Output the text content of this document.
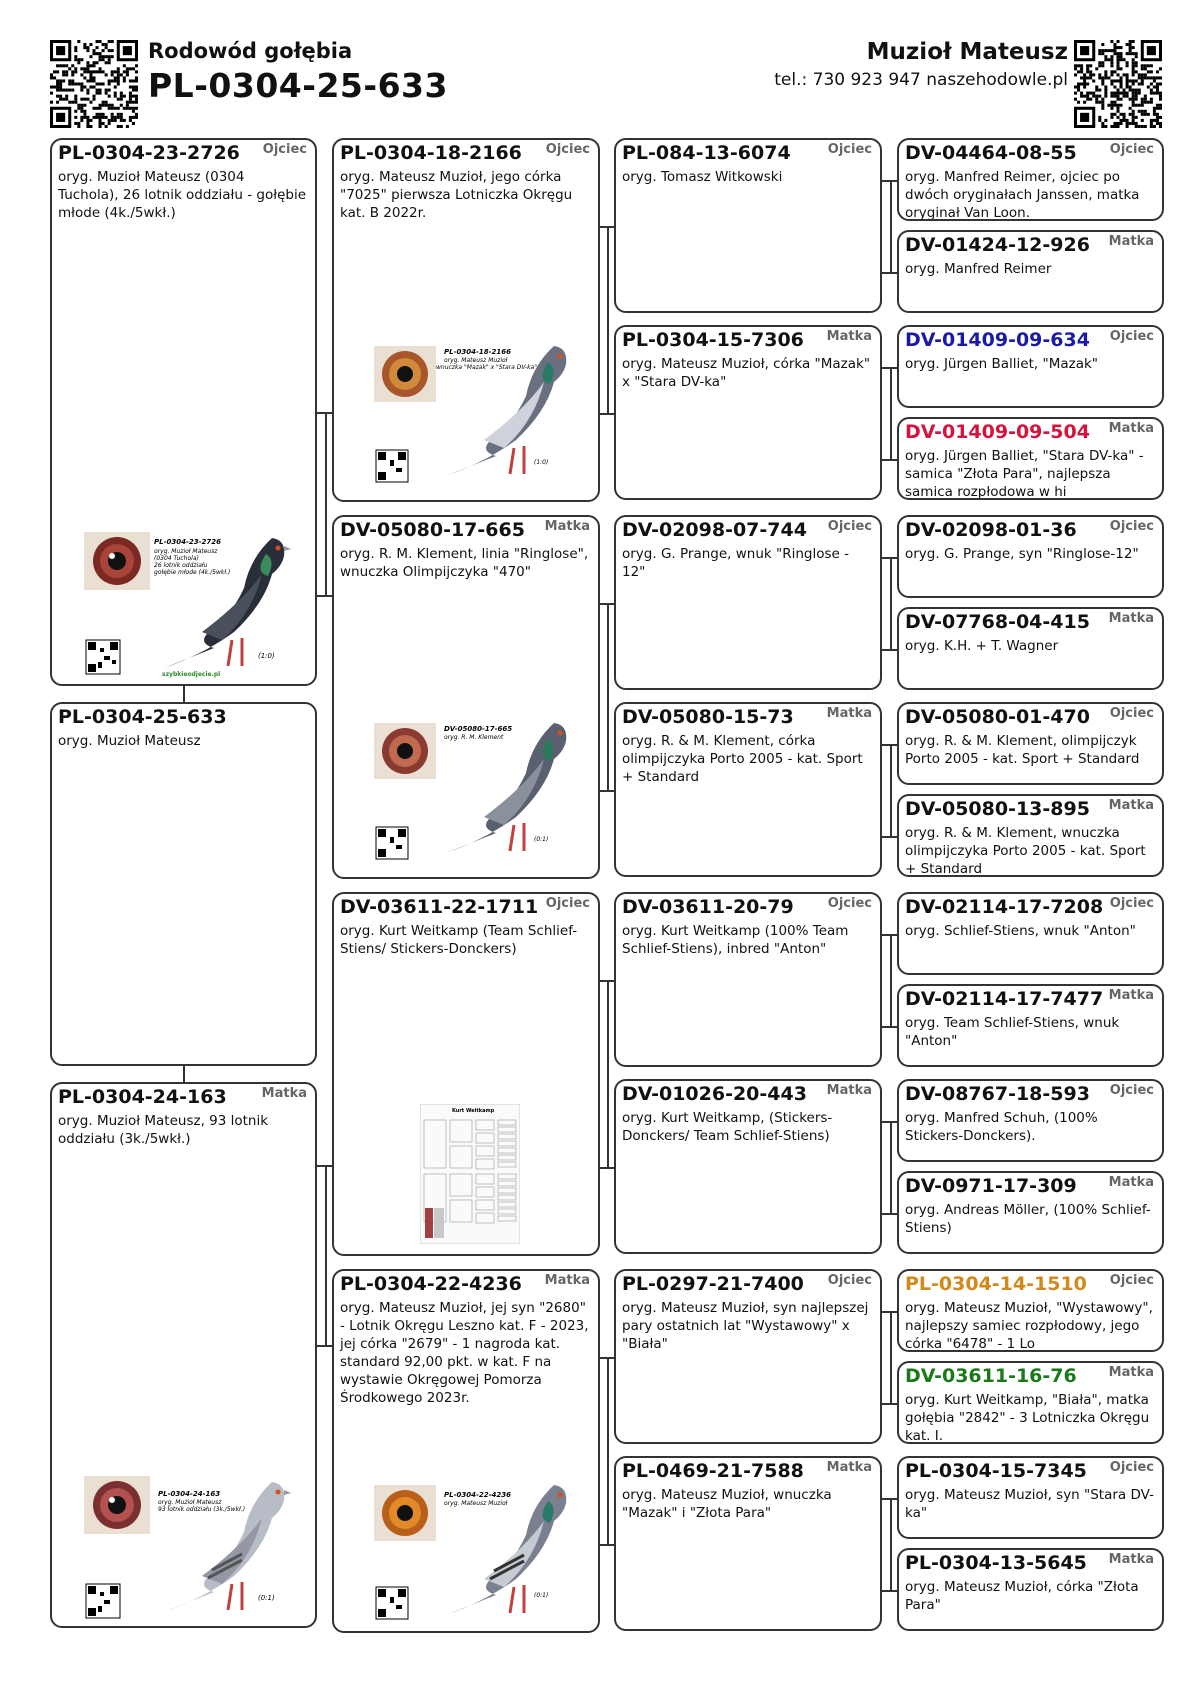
Rodowód gołębia
PL-0304-25-633
Muzioł Mateusz
tel.: 730 923 947 naszehodowle.pl
PL-0304-23-2726 Ojciec
oryg. Muzioł Mateusz (0304 Tuchola), 26 lotnik oddziału - gołębie młode (4k./5wkł.)
PL-0304-23-2726
oryg. Muzioł Mateusz
(0304 Tuchola)
26 lotnik oddziału
gołębie młode (4k./5wkł.)
(1:0)
szybkieodjecie.pl
PL-0304-25-633
oryg. Muzioł Mateusz
PL-0304-24-163	Matka
oryg. Muzioł Mateusz, 93 lotnik oddziału (3k./5wkł.)
PL-0304-24-163
oryg. Muzioł Mateusz
93 lotnik oddziału (3k./5wkł.)
(0:1)
PL-0304-18-2166 Ojciec
oryg. Mateusz Muzioł, jego córka "7025" pierwsza Lotniczka Okręgu kat. B 2022r.
PL-0304-18-2166
oryg. Mateusz Muzioł
wnuczka "Mazak" x "Stara DV-ka"
(1:0)
DV-05080-17-665 Matka
oryg. R. M. Klement, linia "Ringlose", wnuczka Olimpijczyka "470"
DV-05080-17-665
oryg. R. M. Klement
(0:1)
DV-03611-22-1711 Ojciec
oryg. Kurt Weitkamp (Team Schlief-Stiens/ Stickers-Donckers)
Kurt Weitkamp
PL-0304-22-4236 Matka
oryg. Mateusz Muzioł, jej syn "2680" - Lotnik Okręgu Leszno kat. F - 2023, jej córka "2679" - 1 nagroda kat. standard 92,00 pkt. w kat. F na wystawie Okręgowej Pomorza Środkowego 2023r.
PL-0304-22-4236
oryg. Mateusz Muzioł
(0:1)
PL-084-13-6074	Ojciec
oryg. Tomasz Witkowski
PL-0304-15-7306 Matka
oryg. Mateusz Muzioł, córka "Mazak" x "Stara DV-ka"
DV-02098-07-744 Ojciec
oryg. G. Prange, wnuk "Ringlose - 12"
DV-05080-15-73	Matka
oryg. R. & M. Klement, córka olimpijczyka Porto 2005 - kat. Sport + Standard
DV-03611-20-79	Ojciec
oryg. Kurt Weitkamp (100% Team Schlief-Stiens), inbred "Anton"
DV-01026-20-443 Matka
oryg. Kurt Weitkamp, (Stickers-Donckers/ Team Schlief-Stiens)
PL-0297-21-7400 Ojciec
oryg. Mateusz Muzioł, syn najlepszej pary ostatnich lat "Wystawowy" x "Biała"
PL-0469-21-7588 Matka
oryg. Mateusz Muzioł, wnuczka "Mazak" i "Złota Para"
DV-04464-08-55	Ojciec
oryg. Manfred Reimer, ojciec po dwóch oryginałach Janssen, matka oryginał Van Loon.
DV-01424-12-926 Matka
oryg. Manfred Reimer
DV-01409-09-634 Ojciec
oryg. Jürgen Balliet, "Mazak"
DV-01409-09-504 Matka
oryg. Jürgen Balliet, "Stara DV-ka" - samica "Złota Para", najlepsza samica rozpłodowa w hi
DV-02098-01-36	Ojciec
oryg. G. Prange, syn "Ringlose-12"
DV-07768-04-415 Matka
oryg. K.H. + T. Wagner
DV-05080-01-470 Ojciec
oryg. R. & M. Klement, olimpijczyk Porto 2005 - kat. Sport + Standard
DV-05080-13-895 Matka
oryg. R. & M. Klement, wnuczka olimpijczyka Porto 2005 - kat. Sport + Standard
DV-02114-17-7208 Ojciec
oryg. Schlief-Stiens, wnuk "Anton"
DV-02114-17-7477 Matka
oryg. Team Schlief-Stiens, wnuk "Anton"
DV-08767-18-593 Ojciec
oryg. Manfred Schuh, (100% Stickers-Donckers).
DV-0971-17-309 Matka
oryg. Andreas Möller, (100% Schlief-Stiens)
PL-0304-14-1510 Ojciec
oryg. Mateusz Muzioł, "Wystawowy", najlepszy samiec rozpłodowy, jego córka "6478" - 1 Lo
DV-03611-16-76 Matka
oryg. Kurt Weitkamp, "Biała", matka gołębia "2842" - 3 Lotniczka Okręgu kat. I.
PL-0304-15-7345 Ojciec
oryg. Mateusz Muzioł, syn "Stara DV-ka"
PL-0304-13-5645 Matka
oryg. Mateusz Muzioł, córka "Złota Para"
